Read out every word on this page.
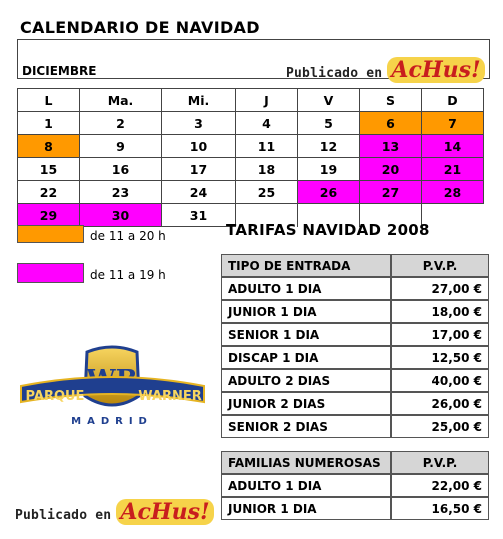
CALENDARIO DE NAVIDAD
DICIEMBRE	Publicado en AcHus!
L	Ma.	Mi.	J	V	S	D
1	2	3	4	5	6	7
8	9	10	11	12	13	14
15	16	17	18	19	20	21
22	23	24	25	26	27	28
29	30	31				
de 11 a 20 h
de 11 a 19 h
TARIFAS NAVIDAD 2008
TIPO DE ENTRADA	P.V.P.
ADULTO 1 DIA	27,00 €
JUNIOR 1 DIA	18,00 €
SENIOR 1 DIA	17,00 €
DISCAP 1 DIA	12,50 €
ADULTO 2 DIAS	40,00 €
JUNIOR 2 DIAS	26,00 €
SENIOR 2 DIAS	25,00 €
FAMILIAS NUMEROSAS	P.V.P.
ADULTO 1 DIA	22,00 €
JUNIOR 1 DIA	16,50 €
PARQUE	WARNER
MADRID
Publicado en AcHus!
